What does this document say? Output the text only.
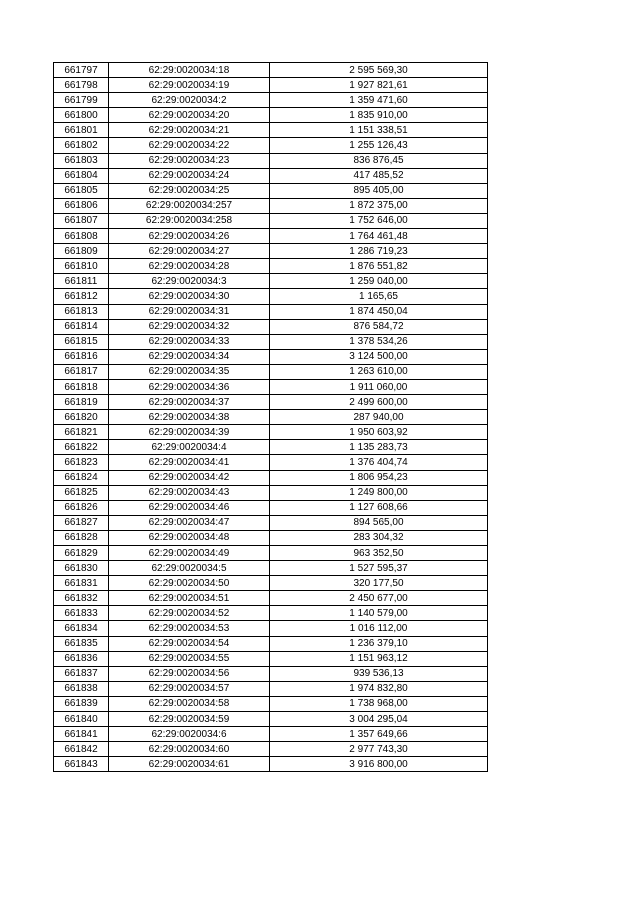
661797	62:29:0020034:18	2 595 569,30
661798	62:29:0020034:19	1 927 821,61
661799	62:29:0020034:2	1 359 471,60
661800	62:29:0020034:20	1 835 910,00
661801	62:29:0020034:21	1 151 338,51
661802	62:29:0020034:22	1 255 126,43
661803	62:29:0020034:23	836 876,45
661804	62:29:0020034:24	417 485,52
661805	62:29:0020034:25	895 405,00
661806	62:29:0020034:257	1 872 375,00
661807	62:29:0020034:258	1 752 646,00
661808	62:29:0020034:26	1 764 461,48
661809	62:29:0020034:27	1 286 719,23
661810	62:29:0020034:28	1 876 551,82
661811	62:29:0020034:3	1 259 040,00
661812	62:29:0020034:30	1 165,65
661813	62:29:0020034:31	1 874 450,04
661814	62:29:0020034:32	876 584,72
661815	62:29:0020034:33	1 378 534,26
661816	62:29:0020034:34	3 124 500,00
661817	62:29:0020034:35	1 263 610,00
661818	62:29:0020034:36	1 911 060,00
661819	62:29:0020034:37	2 499 600,00
661820	62:29:0020034:38	287 940,00
661821	62:29:0020034:39	1 950 603,92
661822	62:29:0020034:4	1 135 283,73
661823	62:29:0020034:41	1 376 404,74
661824	62:29:0020034:42	1 806 954,23
661825	62:29:0020034:43	1 249 800,00
661826	62:29:0020034:46	1 127 608,66
661827	62:29:0020034:47	894 565,00
661828	62:29:0020034:48	283 304,32
661829	62:29:0020034:49	963 352,50
661830	62:29:0020034:5	1 527 595,37
661831	62:29:0020034:50	320 177,50
661832	62:29:0020034:51	2 450 677,00
661833	62:29:0020034:52	1 140 579,00
661834	62:29:0020034:53	1 016 112,00
661835	62:29:0020034:54	1 236 379,10
661836	62:29:0020034:55	1 151 963,12
661837	62:29:0020034:56	939 536,13
661838	62:29:0020034:57	1 974 832,80
661839	62:29:0020034:58	1 738 968,00
661840	62:29:0020034:59	3 004 295,04
661841	62:29:0020034:6	1 357 649,66
661842	62:29:0020034:60	2 977 743,30
661843	62:29:0020034:61	3 916 800,00
